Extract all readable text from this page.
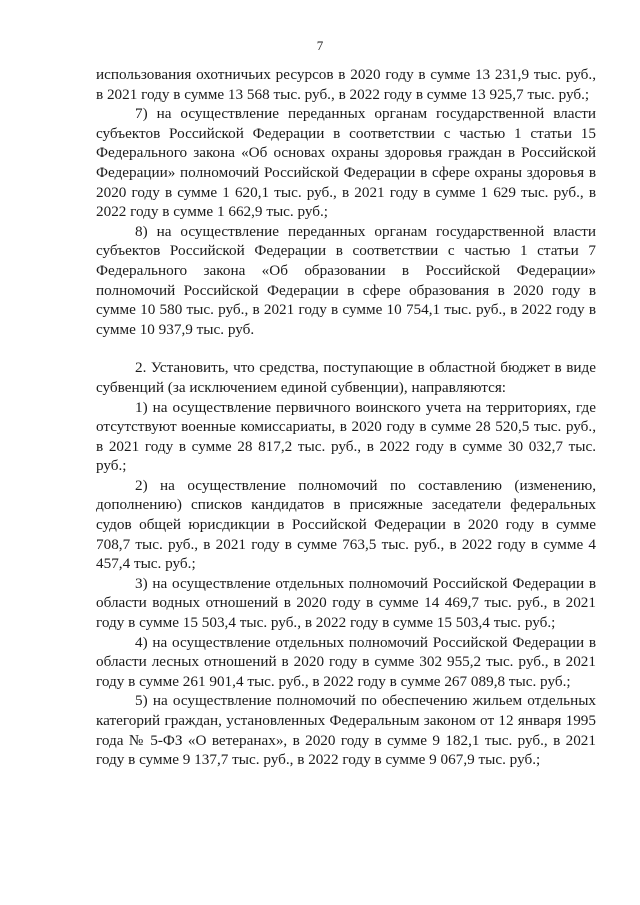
7

использования охотничьих ресурсов в 2020 году в сумме 13 231,9 тыс. руб., в 2021 году в сумме 13 568 тыс. руб., в 2022 году в сумме 13 925,7 тыс. руб.;

7) на осуществление переданных органам государственной власти субъектов Российской Федерации в соответствии с частью 1 статьи 15 Федерального закона «Об основах охраны здоровья граждан в Российской Федерации» полномочий Российской Федерации в сфере охраны здоровья в 2020 году в сумме 1 620,1 тыс. руб., в 2021 году в сумме 1 629 тыс. руб., в 2022 году в сумме 1 662,9 тыс. руб.;

8) на осуществление переданных органам государственной власти субъектов Российской Федерации в соответствии с частью 1 статьи 7 Федерального закона «Об образовании в Российской Федерации» полномочий Российской Федерации в сфере образования в 2020 году в сумме 10 580 тыс. руб., в 2021 году в сумме 10 754,1 тыс. руб., в 2022 году в сумме 10 937,9 тыс. руб.

2. Установить, что средства, поступающие в областной бюджет в виде субвенций (за исключением единой субвенции), направляются:

1) на осуществление первичного воинского учета на территориях, где отсутствуют военные комиссариаты, в 2020 году в сумме 28 520,5 тыс. руб., в 2021 году в сумме 28 817,2 тыс. руб., в 2022 году в сумме 30 032,7 тыс. руб.;

2) на осуществление полномочий по составлению (изменению, дополнению) списков кандидатов в присяжные заседатели федеральных судов общей юрисдикции в Российской Федерации в 2020 году в сумме 708,7 тыс. руб., в 2021 году в сумме 763,5 тыс. руб., в 2022 году в сумме 4 457,4 тыс. руб.;

3) на осуществление отдельных полномочий Российской Федерации в области водных отношений в 2020 году в сумме 14 469,7 тыс. руб., в 2021 году в сумме 15 503,4 тыс. руб., в 2022 году в сумме 15 503,4 тыс. руб.;

4) на осуществление отдельных полномочий Российской Федерации в области лесных отношений в 2020 году в сумме 302 955,2 тыс. руб., в 2021 году в сумме 261 901,4 тыс. руб., в 2022 году в сумме 267 089,8 тыс. руб.;

5) на осуществление полномочий по обеспечению жильем отдельных категорий граждан, установленных Федеральным законом от 12 января 1995 года № 5-ФЗ «О ветеранах», в 2020 году в сумме 9 182,1 тыс. руб., в 2021 году в сумме 9 137,7 тыс. руб., в 2022 году в сумме 9 067,9 тыс. руб.;
